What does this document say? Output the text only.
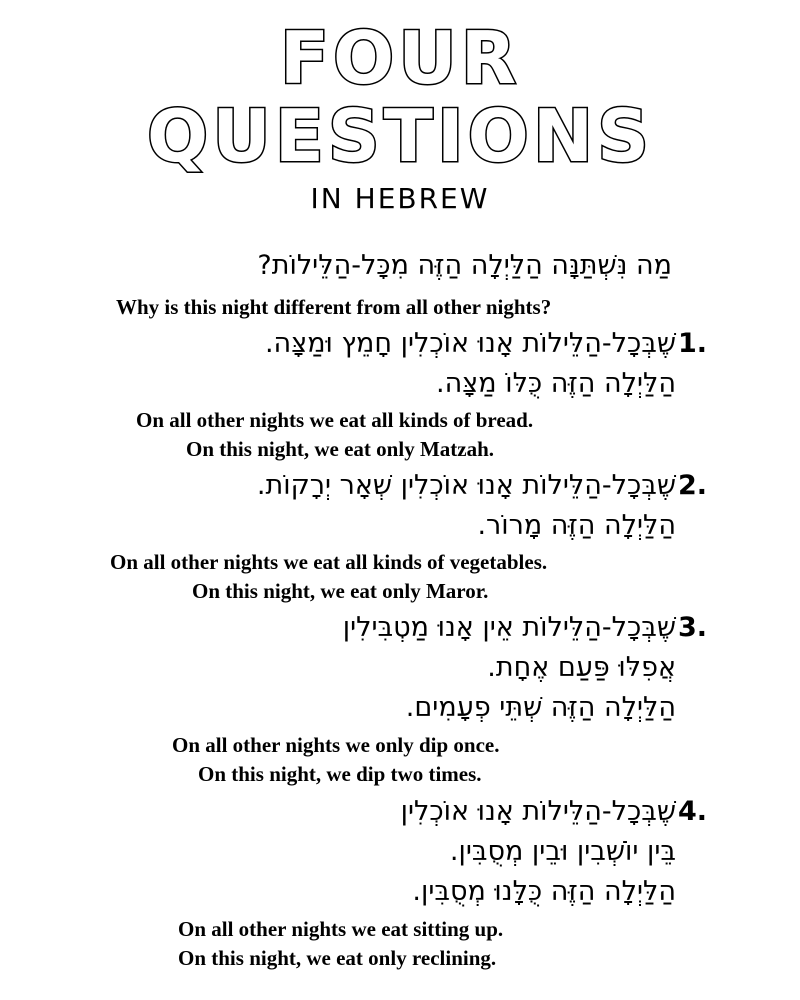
FOUR
QUESTIONS
IN HEBREW
מַה נִּשְׁתַּנָּה הַלַּיְלָה הַזֶּה מִכָּל-הַלֵּילוֹת?
Why is this night different from all other nights?
1.
שֶׁבְּכָל-הַלֵּילוֹת אָנוּ אוֹכְלִין חָמֵץ וּמַצָּה.
הַלַּיְלָה הַזֶּה כֻּלּוֹ מַצָּה.
On all other nights we eat all kinds of bread.
On this night, we eat only Matzah.
2.
שֶׁבְּכָל-הַלֵּילוֹת אָנוּ אוֹכְלִין שְׁאָר יְרָקוֹת.
הַלַּיְלָה הַזֶּה מָרוֹר.
On all other nights we eat all kinds of vegetables.
On this night, we eat only Maror.
3.
שֶׁבְּכָל-הַלֵּילוֹת אֵין אָנוּ מַטְבִּילִין
אֲפִלּוּ פַּעַם אֶחָת.
הַלַּיְלָה הַזֶּה שְׁתֵּי פְעָמִים.
On all other nights we only dip once.
On this night, we dip two times.
4.
שֶׁבְּכָל-הַלֵּילוֹת אָנוּ אוֹכְלִין
בֵּין יוֹשְׁבִין וּבֵין מְסֻבִּין.
הַלַּיְלָה הַזֶּה כֻּלָּנוּ מְסֻבִּין.
On all other nights we eat sitting up.
On this night, we eat only reclining.
